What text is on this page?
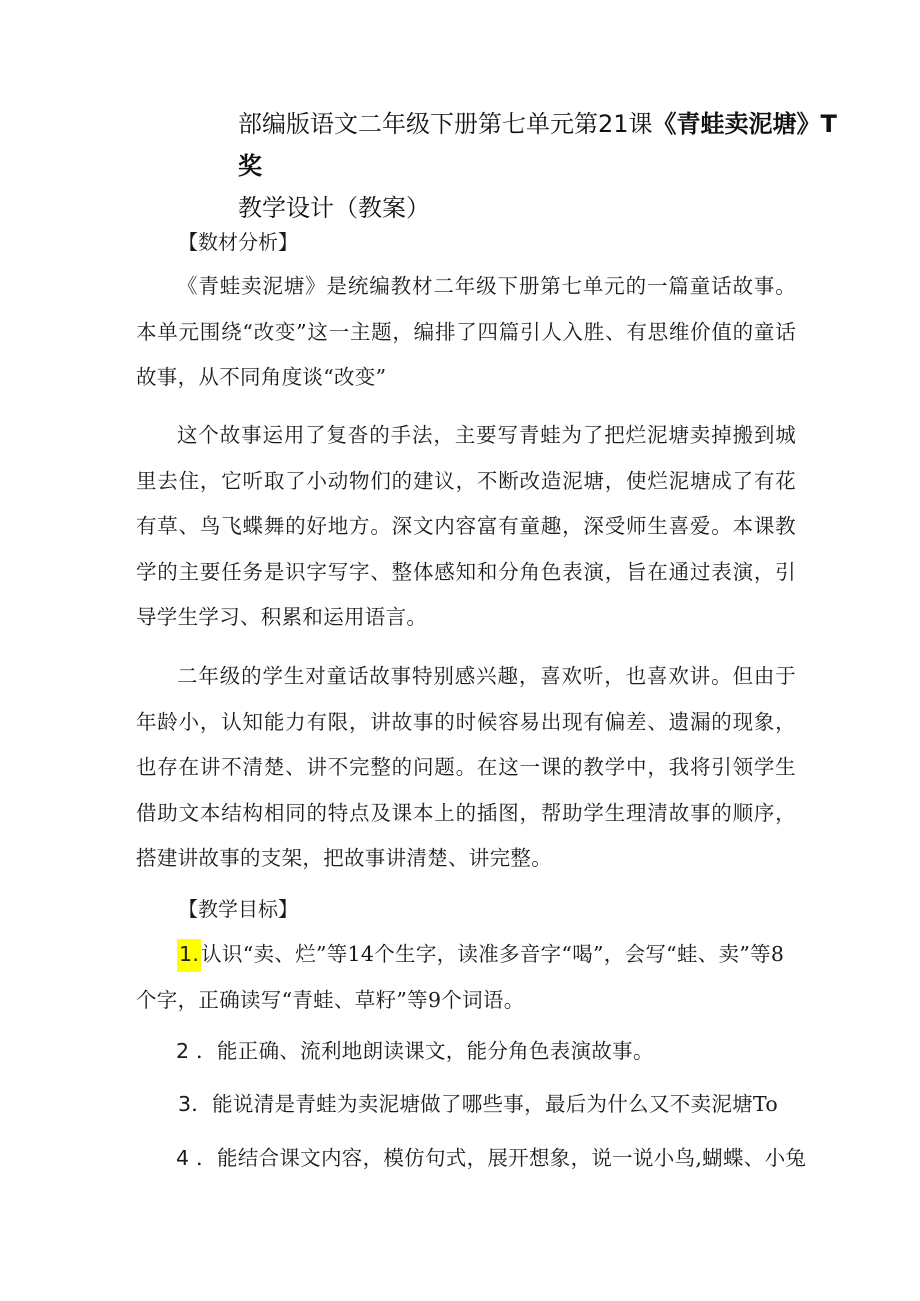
部编版语文二年级下册第七单元第21课《青蛙卖泥塘》T奖
教学设计（教案）
【数材分析】

《青蛙卖泥塘》是统编教材二年级下册第七单元的一篇童话故事。本单元围绕“改变”这一主题，编排了四篇引人入胜、有思维价值的童话故事，从不同角度谈“改变”

这个故事运用了复沓的手法，主要写青蛙为了把烂泥塘卖掉搬到城里去住，它听取了小动物们的建议，不断改造泥塘，使烂泥塘成了有花有草、鸟飞蝶舞的好地方。深文内容富有童趣，深受师生喜爱。本课教学的主要任务是识字写字、整体感知和分角色表演，旨在通过表演，引导学生学习、积累和运用语言。

二年级的学生对童话故事特别感兴趣，喜欢听，也喜欢讲。但由于年龄小，认知能力有限，讲故事的时候容易出现有偏差、遗漏的现象，也存在讲不清楚、讲不完整的问题。在这一课的教学中，我将引领学生借助文本结构相同的特点及课本上的插图，帮助学生理清故事的顺序，搭建讲故事的支架，把故事讲清楚、讲完整。

【教学目标】

1.认识“卖、烂”等14个生字，读准多音字“喝”，会写“蛙、卖”等8个字，正确读写“青蛙、草籽”等9个词语。

2 ．能正确、流利地朗读课文，能分角色表演故事。

3．能说清是青蛙为卖泥塘做了哪些事，最后为什么又不卖泥塘To

4 ．能结合课文内容，模仿句式，展开想象，说一说小鸟,蝴蝶、小兔
